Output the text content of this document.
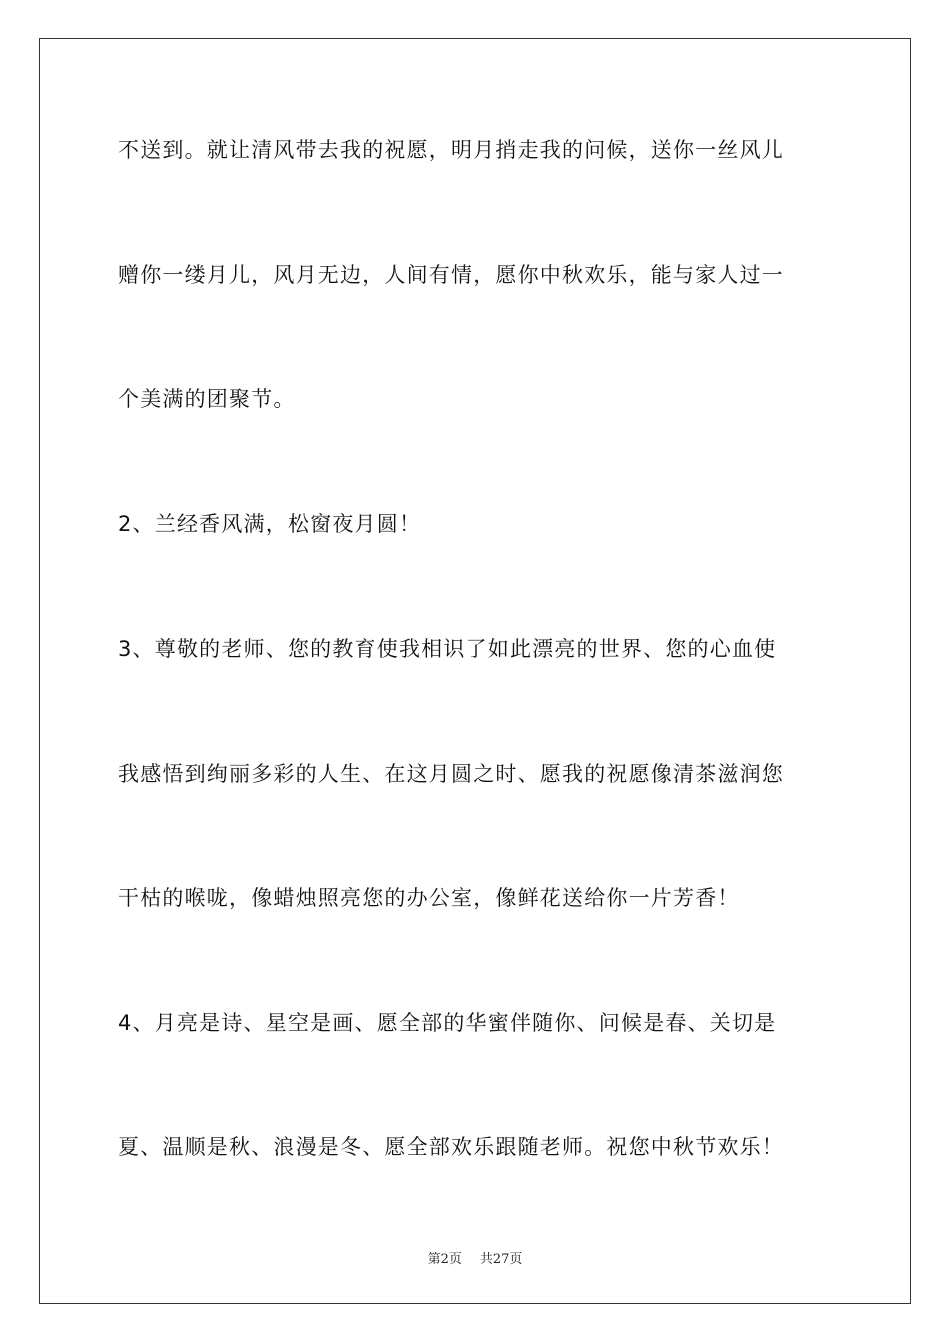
不送到。就让清风带去我的祝愿，明月捎走我的问候，送你一丝风儿
赠你一缕月儿，风月无边，人间有情，愿你中秋欢乐，能与家人过一
个美满的团聚节。
2、兰经香风满，松窗夜月圆！
3、尊敬的老师、您的教育使我相识了如此漂亮的世界、您的心血使
我感悟到绚丽多彩的人生、在这月圆之时、愿我的祝愿像清茶滋润您
干枯的喉咙，像蜡烛照亮您的办公室，像鲜花送给你一片芳香！
4、月亮是诗、星空是画、愿全部的华蜜伴随你、问候是春、关切是
夏、温顺是秋、浪漫是冬、愿全部欢乐跟随老师。祝您中秋节欢乐！
第2页 共27页
